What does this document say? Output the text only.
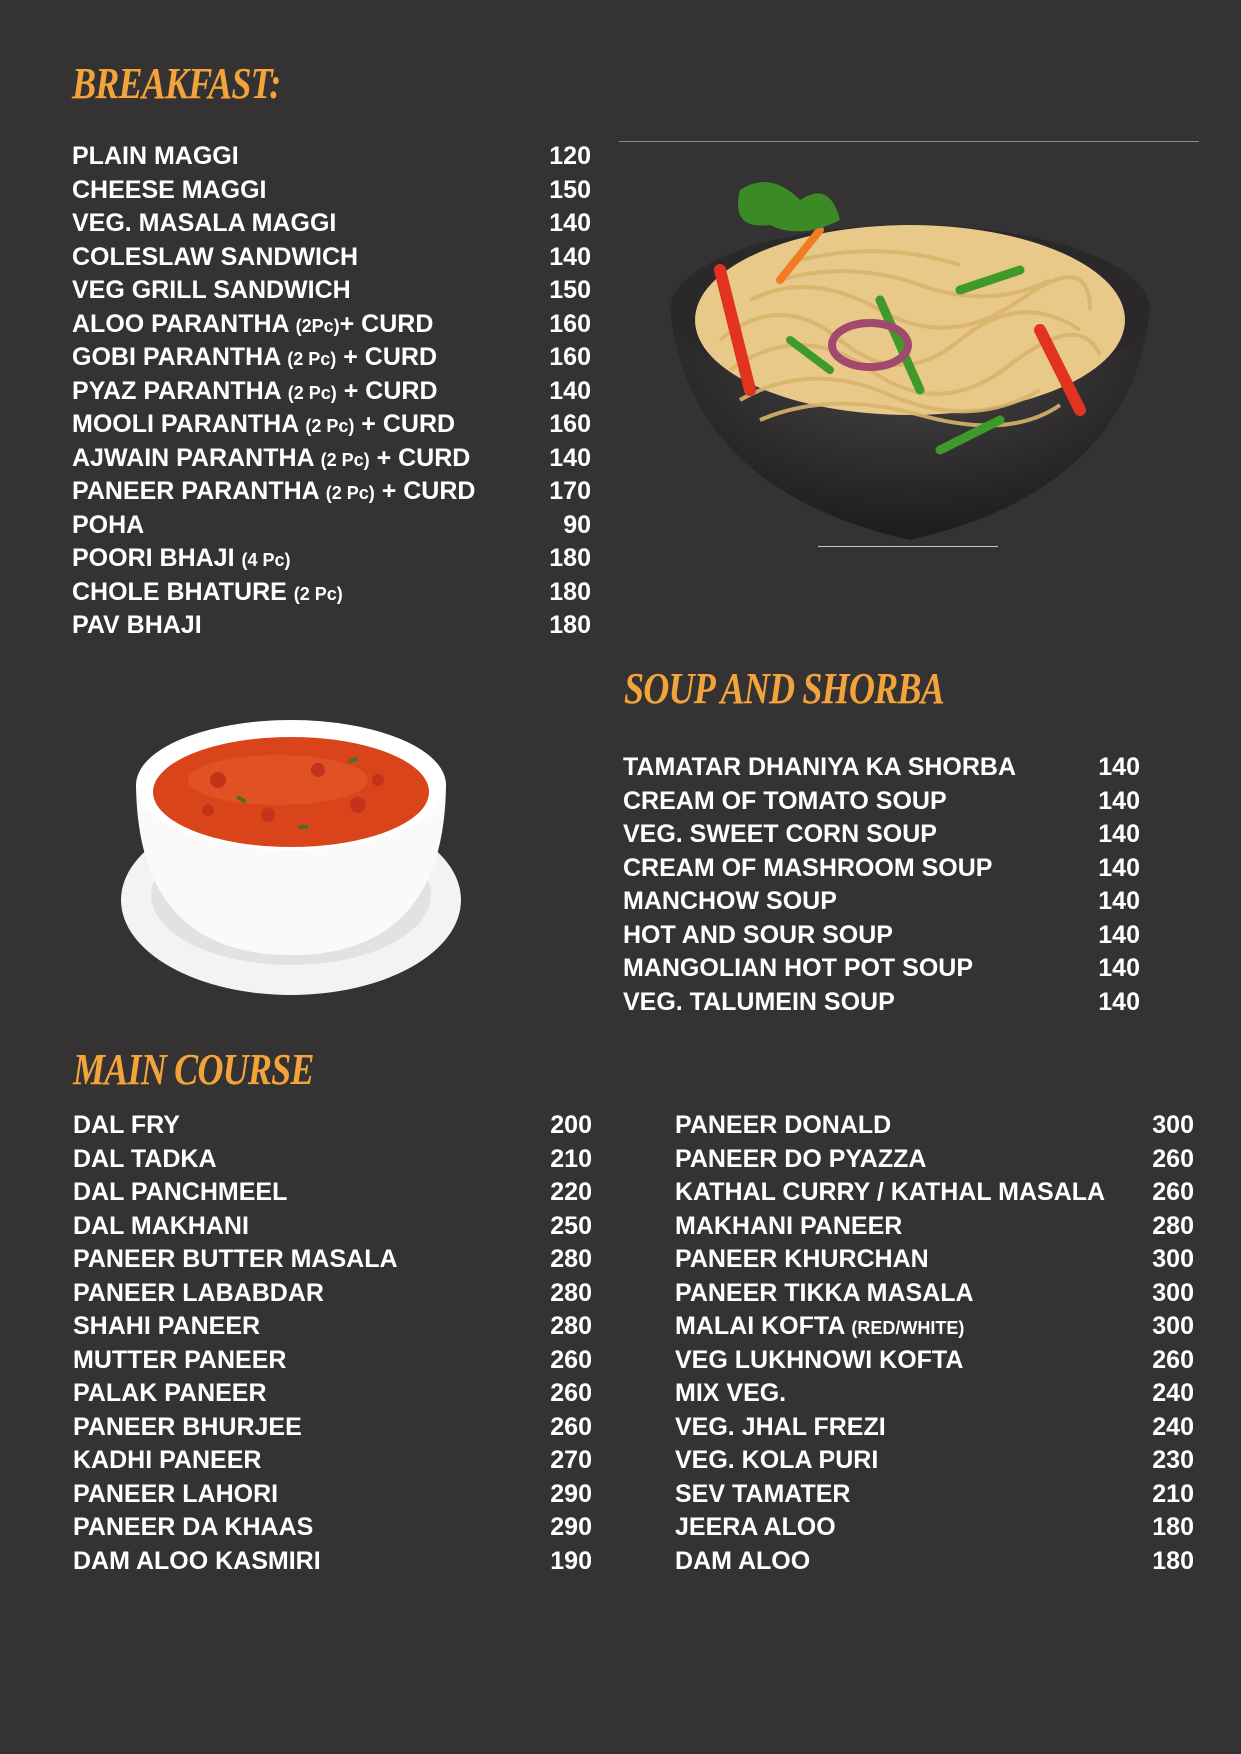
BREAKFAST:
PLAIN MAGGI	120
CHEESE MAGGI	150
VEG. MASALA MAGGI	140
COLESLAW SANDWICH	140
VEG GRILL SANDWICH	150
ALOO PARANTHA (2Pc)+ CURD	160
GOBI PARANTHA (2 Pc) + CURD	160
PYAZ PARANTHA (2 Pc) + CURD	140
MOOLI PARANTHA (2 Pc) + CURD	160
AJWAIN PARANTHA (2 Pc) + CURD	140
PANEER PARANTHA (2 Pc) + CURD	170
POHA	90
POORI BHAJI (4 Pc)	180
CHOLE BHATURE (2 Pc)	180
PAV BHAJI	180
SOUP AND SHORBA
TAMATAR DHANIYA KA SHORBA	140
CREAM OF TOMATO SOUP	140
VEG. SWEET CORN SOUP	140
CREAM OF MASHROOM SOUP	140
MANCHOW SOUP	140
HOT AND SOUR SOUP	140
MANGOLIAN HOT POT SOUP	140
VEG. TALUMEIN SOUP	140
MAIN COURSE
DAL FRY	200
DAL TADKA	210
DAL PANCHMEEL	220
DAL MAKHANI	250
PANEER BUTTER MASALA	280
PANEER LABABDAR	280
SHAHI PANEER	280
MUTTER PANEER	260
PALAK PANEER	260
PANEER BHURJEE	260
KADHI PANEER	270
PANEER LAHORI	290
PANEER DA KHAAS	290
DAM ALOO KASMIRI	190
PANEER DONALD	300
PANEER DO PYAZZA	260
KATHAL CURRY / KATHAL MASALA 260
MAKHANI PANEER	280
PANEER KHURCHAN	300
PANEER TIKKA MASALA	300
MALAI KOFTA (RED/WHITE)	300
VEG LUKHNOWI KOFTA	260
MIX VEG.	240
VEG. JHAL FREZI	240
VEG. KOLA PURI	230
SEV TAMATER	210
JEERA ALOO	180
DAM ALOO	180
